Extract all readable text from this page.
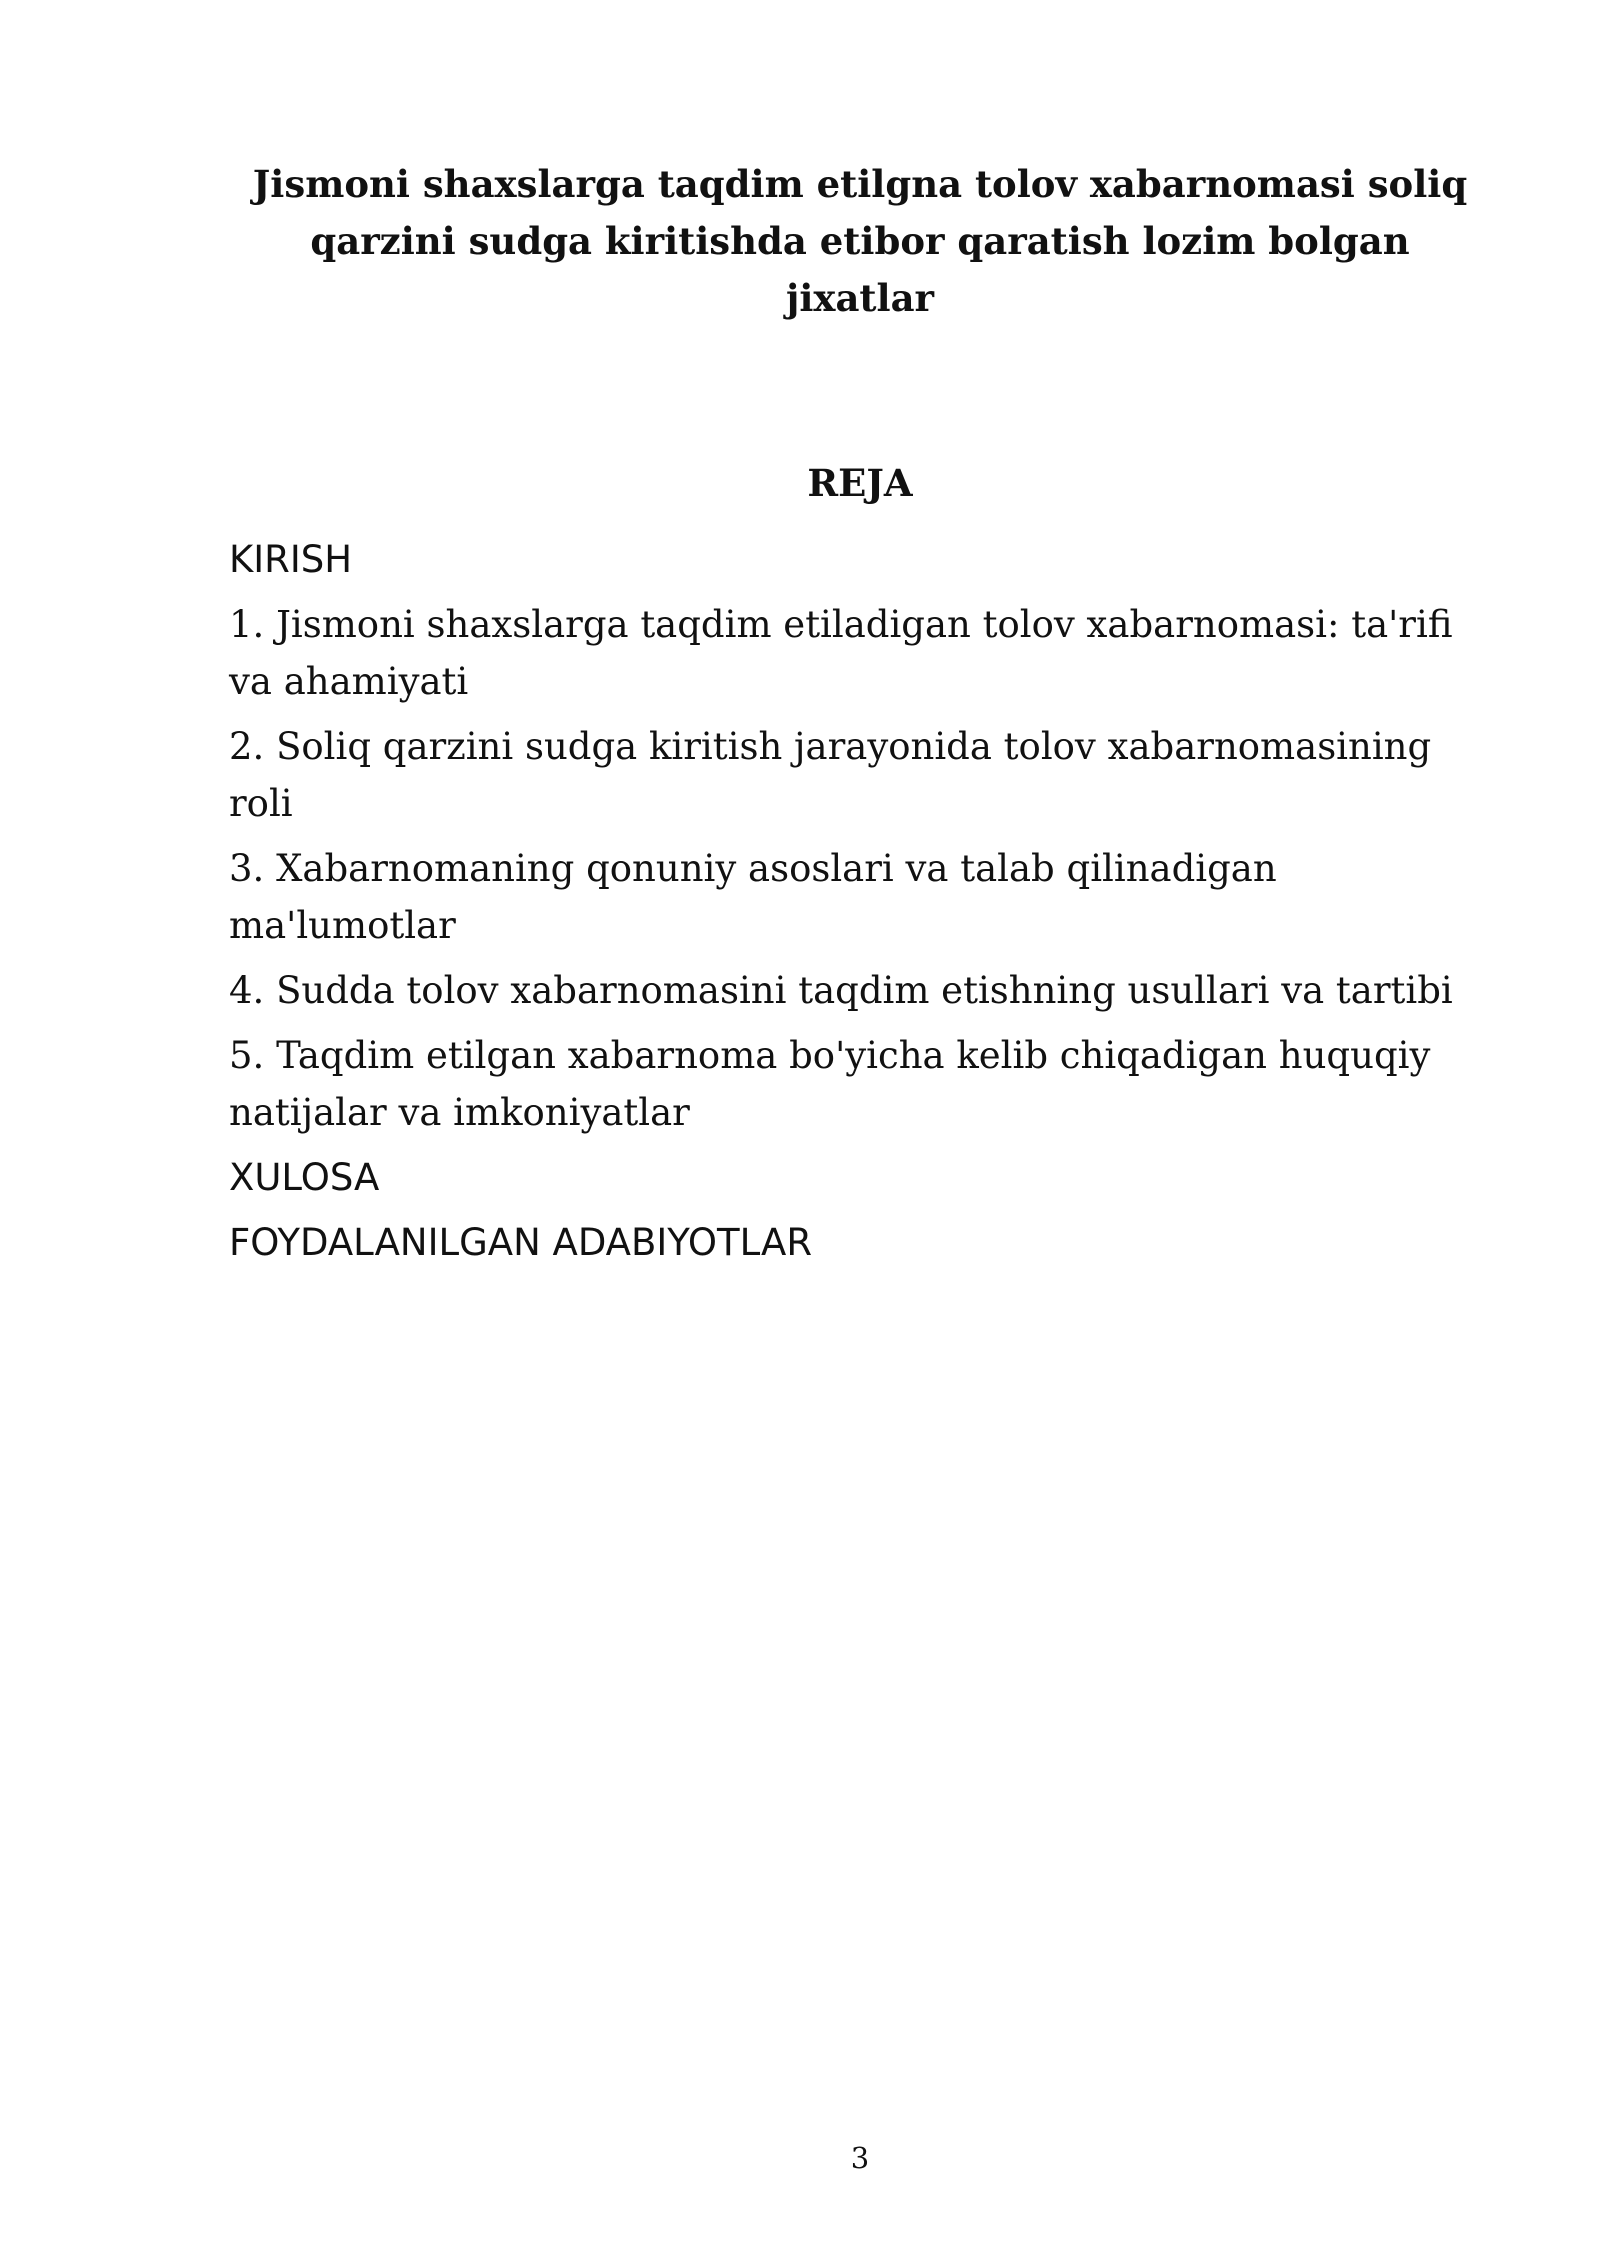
Jismoni shaxslarga taqdim etilgna tolov xabarnomasi soliq qarzini sudga kiritishda etibor qaratish lozim bolgan jixatlar
REJA
KIRISH
1. Jismoni shaxslarga taqdim etiladigan tolov xabarnomasi: ta'rifi va ahamiyati
2. Soliq qarzini sudga kiritish jarayonida tolov xabarnomasining roli
3. Xabarnomaning qonuniy asoslari va talab qilinadigan ma'lumotlar
4. Sudda tolov xabarnomasini taqdim etishning usullari va tartibi
5. Taqdim etilgan xabarnoma bo'yicha kelib chiqadigan huquqiy natijalar va imkoniyatlar
XULOSA
FOYDALANILGAN ADABIYOTLAR
3
